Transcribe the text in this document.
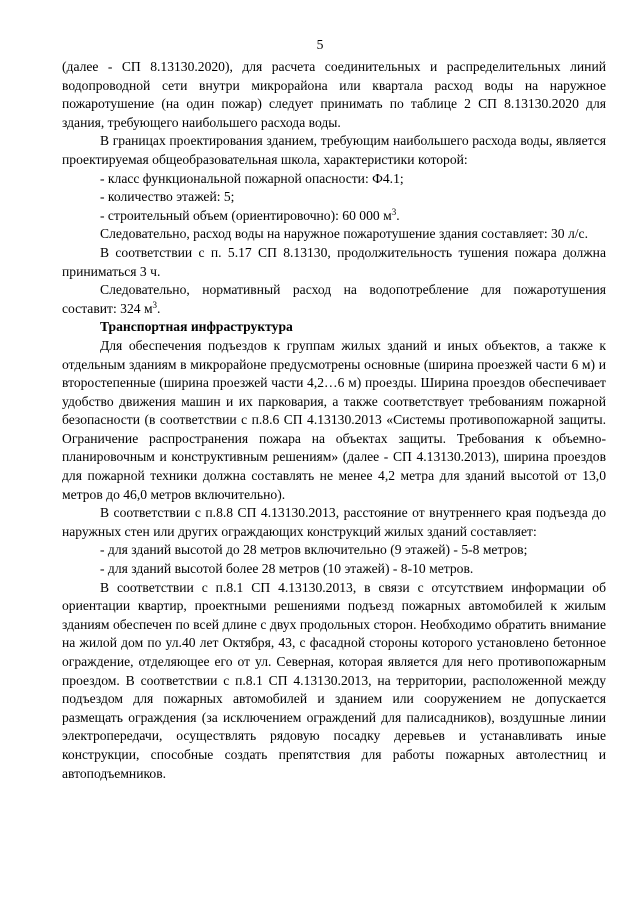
5

(далее - СП 8.13130.2020), для расчета соединительных и распределительных линий водопроводной сети внутри микрорайона или квартала расход воды на наружное пожаротушение (на один пожар) следует принимать по таблице 2 СП 8.13130.2020 для здания, требующего наибольшего расхода воды.

В границах проектирования зданием, требующим наибольшего расхода воды, является проектируемая общеобразовательная школа, характеристики которой:

- класс функциональной пожарной опасности: Ф4.1;

- количество этажей: 5;

- строительный объем (ориентировочно): 60 000 $м^3$.

Следовательно, расход воды на наружное пожаротушение здания составляет: 30 л/с.

В соответствии с п. 5.17 СП 8.13130, продолжительность тушения пожара должна приниматься 3 ч.

Следовательно, нормативный расход на водопотребление для пожаротушения составит: 324 $м^3$.

Транспортная инфраструктура

Для обеспечения подъездов к группам жилых зданий и иных объектов, а также к отдельным зданиям в микрорайоне предусмотрены основные (ширина проезжей части 6 м) и второстепенные (ширина проезжей части 4,2…6 м) проезды. Ширина проездов обеспечивает удобство движения машин и их парковария, а также соответствует требованиям пожарной безопасности (в соответствии с п.8.6 СП 4.13130.2013 «Системы противопожарной защиты. Ограничение распространения пожара на объектах защиты. Требования к объемно-планировочным и конструктивным решениям» (далее - СП 4.13130.2013), ширина проездов для пожарной техники должна составлять не менее 4,2 метра для зданий высотой от 13,0 метров до 46,0 метров включительно).

В соответствии с п.8.8 СП 4.13130.2013, расстояние от внутреннего края подъезда до наружных стен или других ограждающих конструкций жилых зданий составляет:

- для зданий высотой до 28 метров включительно (9 этажей) - 5-8 метров;

- для зданий высотой более 28 метров (10 этажей) - 8-10 метров.

В соответствии с п.8.1 СП 4.13130.2013, в связи с отсутствием информации об ориентации квартир, проектными решениями подъезд пожарных автомобилей к жилым зданиям обеспечен по всей длине с двух продольных сторон. Необходимо обратить внимание на жилой дом по ул.40 лет Октября, 43, с фасадной стороны которого установлено бетонное ограждение, отделяющее его от ул. Северная, которая является для него противопожарным проездом. В соответствии с п.8.1 СП 4.13130.2013, на территории, расположенной между подъездом для пожарных автомобилей и зданием или сооружением не допускается размещать ограждения (за исключением ограждений для палисадников), воздушные линии электропередачи, осуществлять рядовую посадку деревьев и устанавливать иные конструкции, способные создать препятствия для работы пожарных автолестниц и автоподъемников.
